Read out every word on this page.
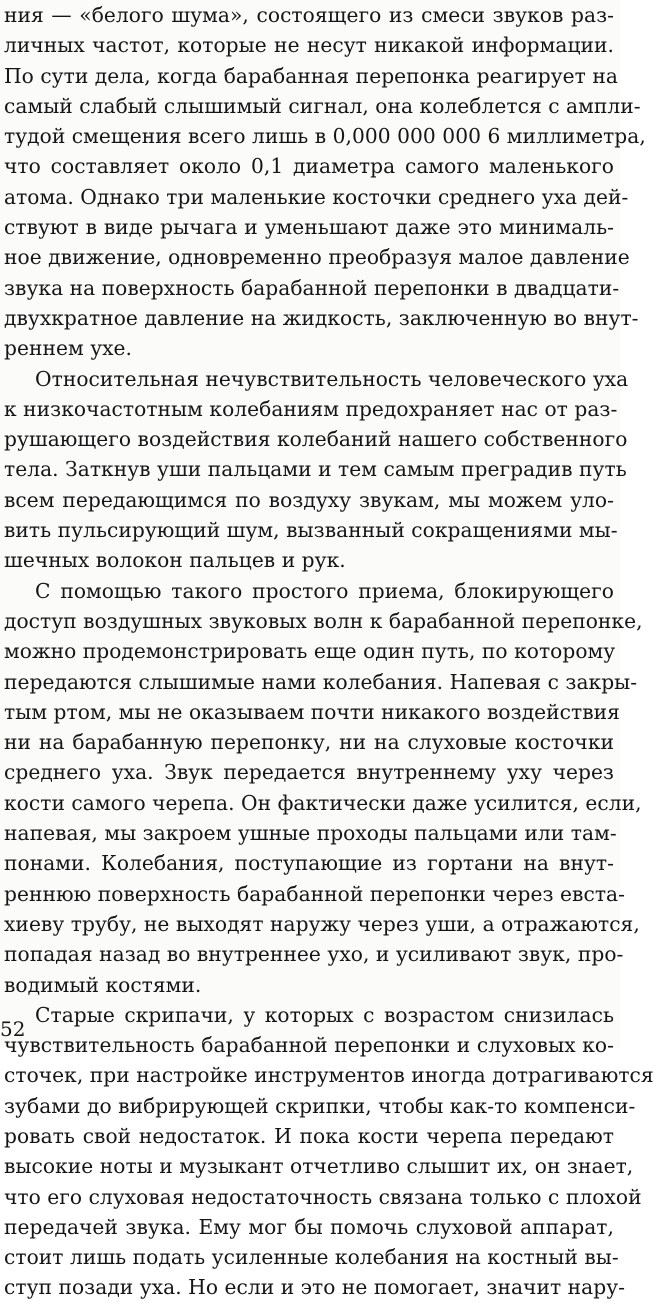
ния — «белого шума», состоящего из смеси звуков раз-
личных частот, которые не несут никакой информации.
По сути дела, когда барабанная перепонка реагирует на
самый слабый слышимый сигнал, она колеблется с ампли-
тудой смещения всего лишь в 0,000 000 000 6 миллиметра,
что составляет около 0,1 диаметра самого маленького
атома. Однако три маленькие косточки среднего уха дей-
ствуют в виде рычага и уменьшают даже это минималь-
ное движение, одновременно преобразуя малое давление
звука на поверхность барабанной перепонки в двадцати-
двухкратное давление на жидкость, заключенную во внут-
реннем ухе.
Относительная нечувствительность человеческого уха
к низкочастотным колебаниям предохраняет нас от раз-
рушающего воздействия колебаний нашего собственного
тела. Заткнув уши пальцами и тем самым преградив путь
всем передающимся по воздуху звукам, мы можем уло-
вить пульсирующий шум, вызванный сокращениями мы-
шечных волокон пальцев и рук.
С помощью такого простого приема, блокирующего
доступ воздушных звуковых волн к барабанной перепонке,
можно продемонстрировать еще один путь, по которому
передаются слышимые нами колебания. Напевая с закры-
тым ртом, мы не оказываем почти никакого воздействия
ни на барабанную перепонку, ни на слуховые косточки
среднего уха. Звук передается внутреннему уху через
кости самого черепа. Он фактически даже усилится, если,
напевая, мы закроем ушные проходы пальцами или там-
понами. Колебания, поступающие из гортани на внут-
реннюю поверхность барабанной перепонки через евста-
хиеву трубу, не выходят наружу через уши, а отражаются,
попадая назад во внутреннее ухо, и усиливают звук, про-
водимый костями.
Старые скрипачи, у которых с возрастом снизилась
чувствительность барабанной перепонки и слуховых ко-
сточек, при настройке инструментов иногда дотрагиваются
зубами до вибрирующей скрипки, чтобы как-то компенси-
ровать свой недостаток. И пока кости черепа передают
высокие ноты и музыкант отчетливо слышит их, он знает,
что его слуховая недостаточность связана только с плохой
передачей звука. Ему мог бы помочь слуховой аппарат,
стоит лишь подать усиленные колебания на костный вы-
ступ позади уха. Но если и это не помогает, значит нару-
52
